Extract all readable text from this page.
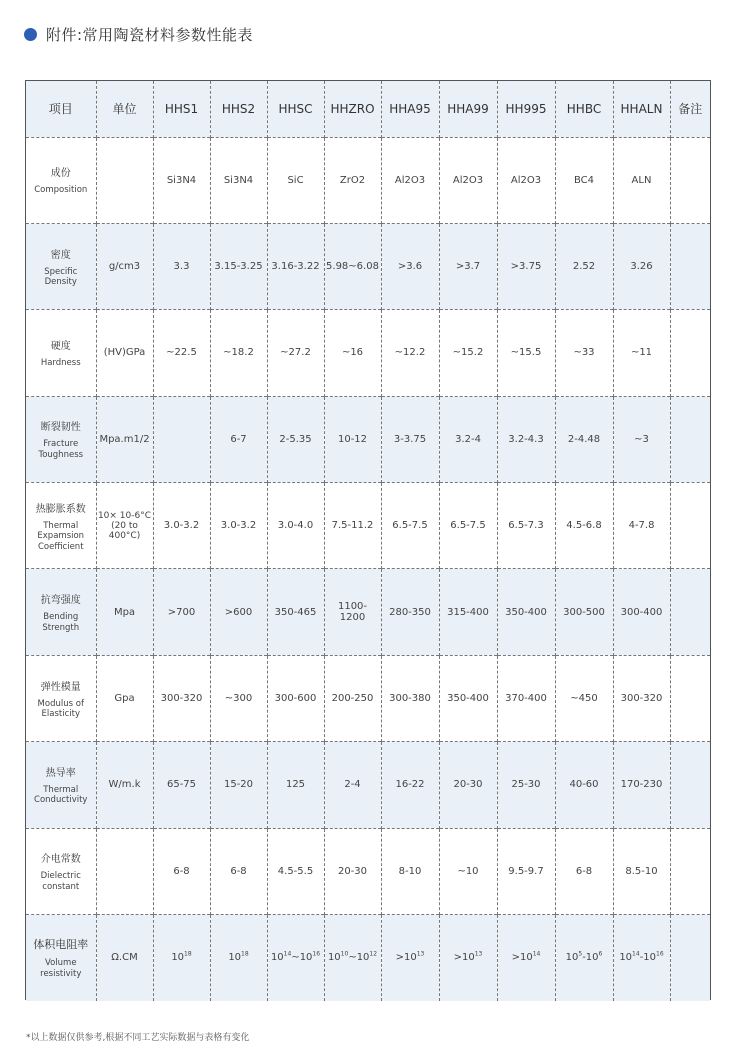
附件:常用陶瓷材料参数性能表
项目	单位	HHS1	HHS2	HHSC	HHZRO	HHA95	HHA99	HH995	HHBC	HHALN	备注

成份
Composition		Si3N4	Si3N4	SiC	ZrO2	Al2O3	Al2O3	Al2O3	BC4	ALN	

密度
Specific Density	g/cm3	3.3	3.15-3.25	3.16-3.22	5.98~6.08	>3.6	>3.7	>3.75	2.52	3.26	

硬度
Hardness	(HV)GPa	~22.5	~18.2	~27.2	~16	~12.2	~15.2	~15.5	~33	~11	

断裂韧性
Fracture Toughness	Mpa.m1/2		6-7	2-5.35	10-12	3-3.75	3.2-4	3.2-4.3	2-4.48	~3	

热膨胀系数
Thermal Expamsion Coefficient	10× 10-6°C
(20 to 400°C)	3.0-3.2	3.0-3.2	3.0-4.0	7.5-11.2	6.5-7.5	6.5-7.5	6.5-7.3	4.5-6.8	4-7.8	

抗弯强度
Bending Strength	Mpa	>700	>600	350-465	1100-1200	280-350	315-400	350-400	300-500	300-400	

弹性模量
Modulus of Elasticity	Gpa	300-320	~300	300-600	200-250	300-380	350-400	370-400	~450	300-320	

热导率
Thermal Conductivity	W/m.k	65-75	15-20	125	2-4	16-22	20-30	25-30	40-60	170-230	

介电常数
Dielectric constant		6-8	6-8	4.5-5.5	20-30	8-10	~10	9.5-9.7	6-8	8.5-10	

体积电阻率
Volume resistivity	Ω.CM	$10^{18}$	$10^{18}$	$10^{14}\sim 10^{16}$	$10^{10}\sim 10^{12}$	$>10^{13}$	$>10^{13}$	$>10^{14}$	$10^5-10^6$	$10^{14}-10^{16}$	
*以上数据仅供参考,根据不同工艺实际数据与表格有变化
